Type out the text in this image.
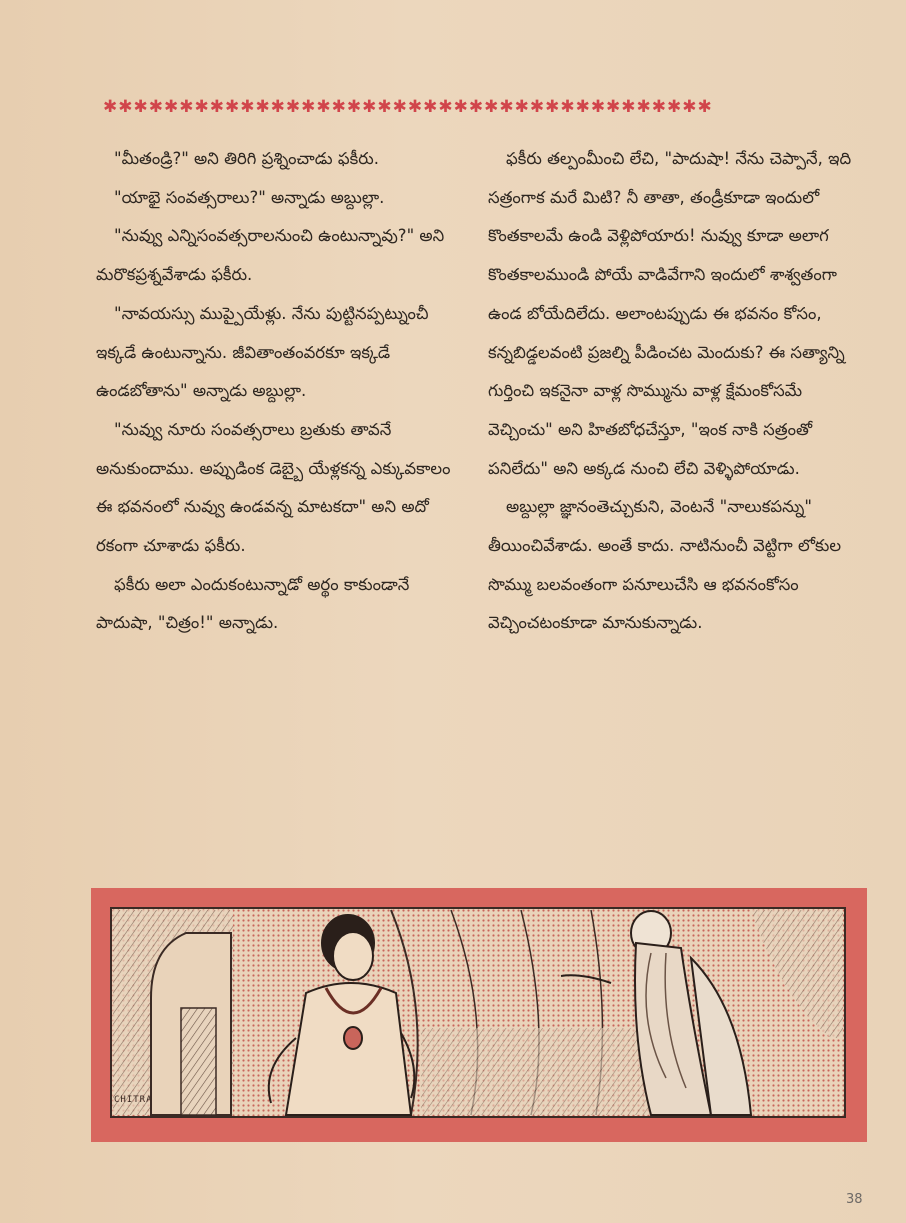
✱✱✱✱✱✱✱✱✱✱✱✱✱✱✱✱✱✱✱✱✱✱✱✱✱✱✱✱✱✱✱✱✱✱✱✱✱✱✱✱

"మీతండ్రి?" అని తిరిగి ప్రశ్నించాడు ఫకీరు.

"యాభై సంవత్సరాలు?" అన్నాడు అబ్దుల్లా.

"నువ్వు ఎన్నిసంవత్సరాలనుంచి ఉంటున్నావు?" అని మరొకప్రశ్నవేశాడు ఫకీరు.

"నావయస్సు ముప్పైయేళ్లు. నేను పుట్టినప్పట్నుంచీ ఇక్కడే ఉంటున్నాను. జీవితాంతంవరకూ ఇక్కడే ఉండబోతాను" అన్నాడు అబ్దుల్లా.

"నువ్వు నూరు సంవత్సరాలు బ్రతుకు తావనే అనుకుందాము. అప్పుడింక డెబ్బై యేళ్లకన్న ఎక్కువకాలం ఈ భవనంలో నువ్వు ఉండవన్న మాటకదా" అని అదో రకంగా చూశాడు ఫకీరు.

ఫకీరు అలా ఎందుకంటున్నాడో అర్థం కాకుండానే పాదుషా, "చిత్రం!" అన్నాడు.

ఫకీరు తల్పంమీంచి లేచి, "పాదుషా! నేను చెప్పానే, ఇది సత్రంగాక మరే మిటి? నీ తాతా, తండ్రీకూడా ఇందులో కొంతకాలమే ఉండి వెళ్లిపోయారు! నువ్వు కూడా అలాగ కొంతకాలముండి పోయే వాడివేగాని ఇందులో శాశ్వతంగా ఉండ బోయేదిలేదు. అలాంటప్పుడు ఈ భవనం కోసం, కన్నబిడ్డలవంటి ప్రజల్ని పీడించట మెందుకు? ఈ సత్యాన్ని గుర్తించి ఇకనైనా వాళ్ల సొమ్మును వాళ్ల క్షేమంకోసమే వెచ్చించు" అని హితబోధచేస్తూ, "ఇంక నాకి సత్రంతో పనిలేదు" అని అక్కడ నుంచి లేచి వెళ్ళిపోయాడు.

అబ్దుల్లా జ్ఞానంతెచ్చుకుని, వెంటనే "నాలుకపన్ను" తీయించివేశాడు. అంతే కాదు. నాటినుంచీ వెట్టిగా లోకుల సొమ్ము బలవంతంగా పనూలుచేసి ఆ భవనంకోసం వెచ్చించటంకూడా మానుకున్నాడు.

CHITRA
38
